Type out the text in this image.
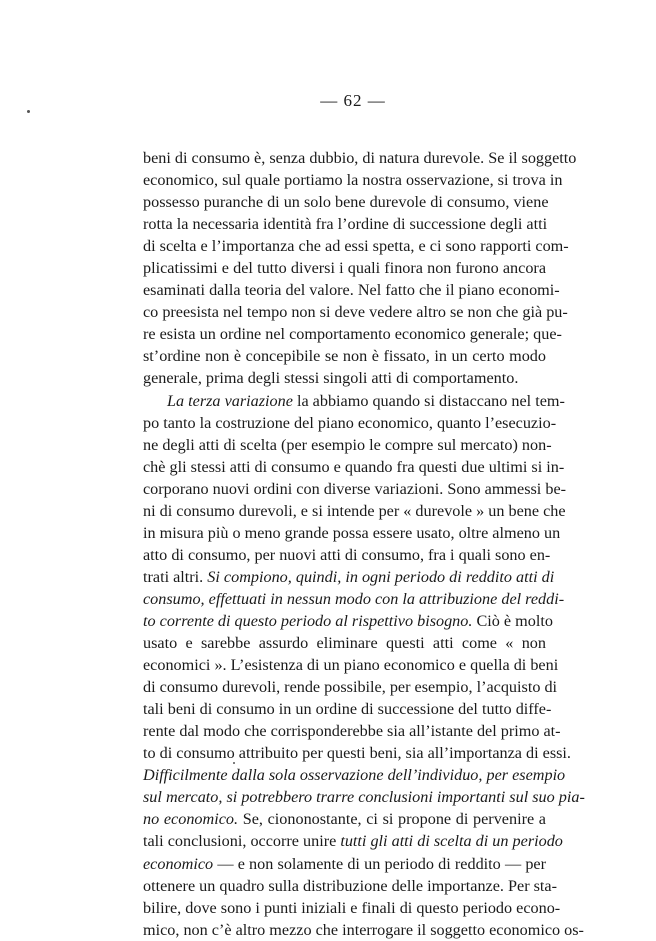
— 62 —
beni di consumo è, senza dubbio, di natura durevole. Se il soggetto
economico, sul quale portiamo la nostra osservazione, si trova in
possesso puranche di un solo bene durevole di consumo, viene
rotta la necessaria identità fra l’ordine di successione degli atti
di scelta e l’importanza che ad essi spetta, e ci sono rapporti com-
plicatissimi e del tutto diversi i quali finora non furono ancora
esaminati dalla teoria del valore. Nel fatto che il piano economi-
co preesista nel tempo non si deve vedere altro se non che già pu-
re esista un ordine nel comportamento economico generale; que-
st’ordine non è concepibile se non è fissato, in un certo modo
generale, prima degli stessi singoli atti di comportamento.
La terza variazione la abbiamo quando si distaccano nel tem-
po tanto la costruzione del piano economico, quanto l’esecuzio-
ne degli atti di scelta (per esempio le compre sul mercato) non-
chè gli stessi atti di consumo e quando fra questi due ultimi si in-
corporano nuovi ordini con diverse variazioni. Sono ammessi be-
ni di consumo durevoli, e si intende per « durevole » un bene che
in misura più o meno grande possa essere usato, oltre almeno un
atto di consumo, per nuovi atti di consumo, fra i quali sono en-
trati altri. Si compiono, quindi, in ogni periodo di reddito atti di
consumo, effettuati in nessun modo con la attribuzione del reddi-
to corrente di questo periodo al rispettivo bisogno. Ciò è molto
usato e sarebbe assurdo eliminare questi atti come « non
economici ». L’esistenza di un piano economico e quella di beni
di consumo durevoli, rende possibile, per esempio, l’acquisto di
tali beni di consumo in un ordine di successione del tutto diffe-
rente dal modo che corrisponderebbe sia all’istante del primo at-
to di consumo attribuito per questi beni, sia all’importanza di essi.
Difficilmente dalla sola osservazione dell’individuo, per esempio
sul mercato, si potrebbero trarre conclusioni importanti sul suo pia-
no economico. Se, ciononostante, ci si propone di pervenire a
tali conclusioni, occorre unire tutti gli atti di scelta di un periodo
economico — e non solamente di un periodo di reddito — per
ottenere un quadro sulla distribuzione delle importanze. Per sta-
bilire, dove sono i punti iniziali e finali di questo periodo econo-
mico, non c’è altro mezzo che interrogare il soggetto economico os-
